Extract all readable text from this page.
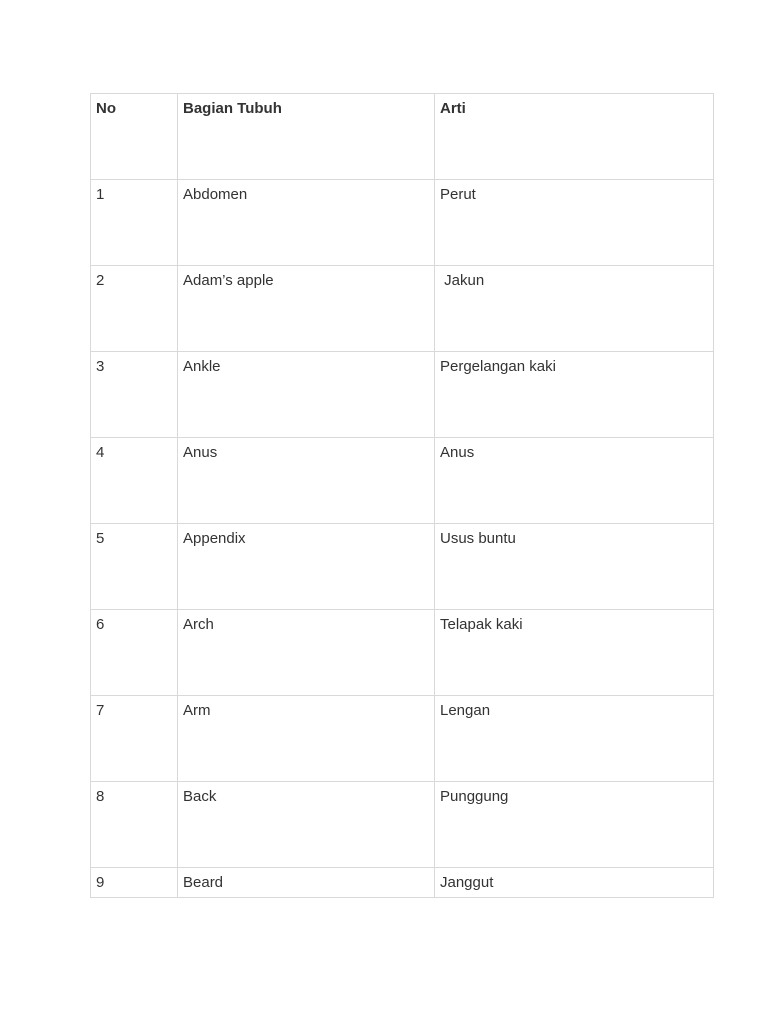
No	Bagian Tubuh	Arti
1	Abdomen	Perut
2	Adam’s apple	Jakun
3	Ankle	Pergelangan kaki
4	Anus	Anus
5	Appendix	Usus buntu
6	Arch	Telapak kaki
7	Arm	Lengan
8	Back	Punggung
9	Beard	Janggut
